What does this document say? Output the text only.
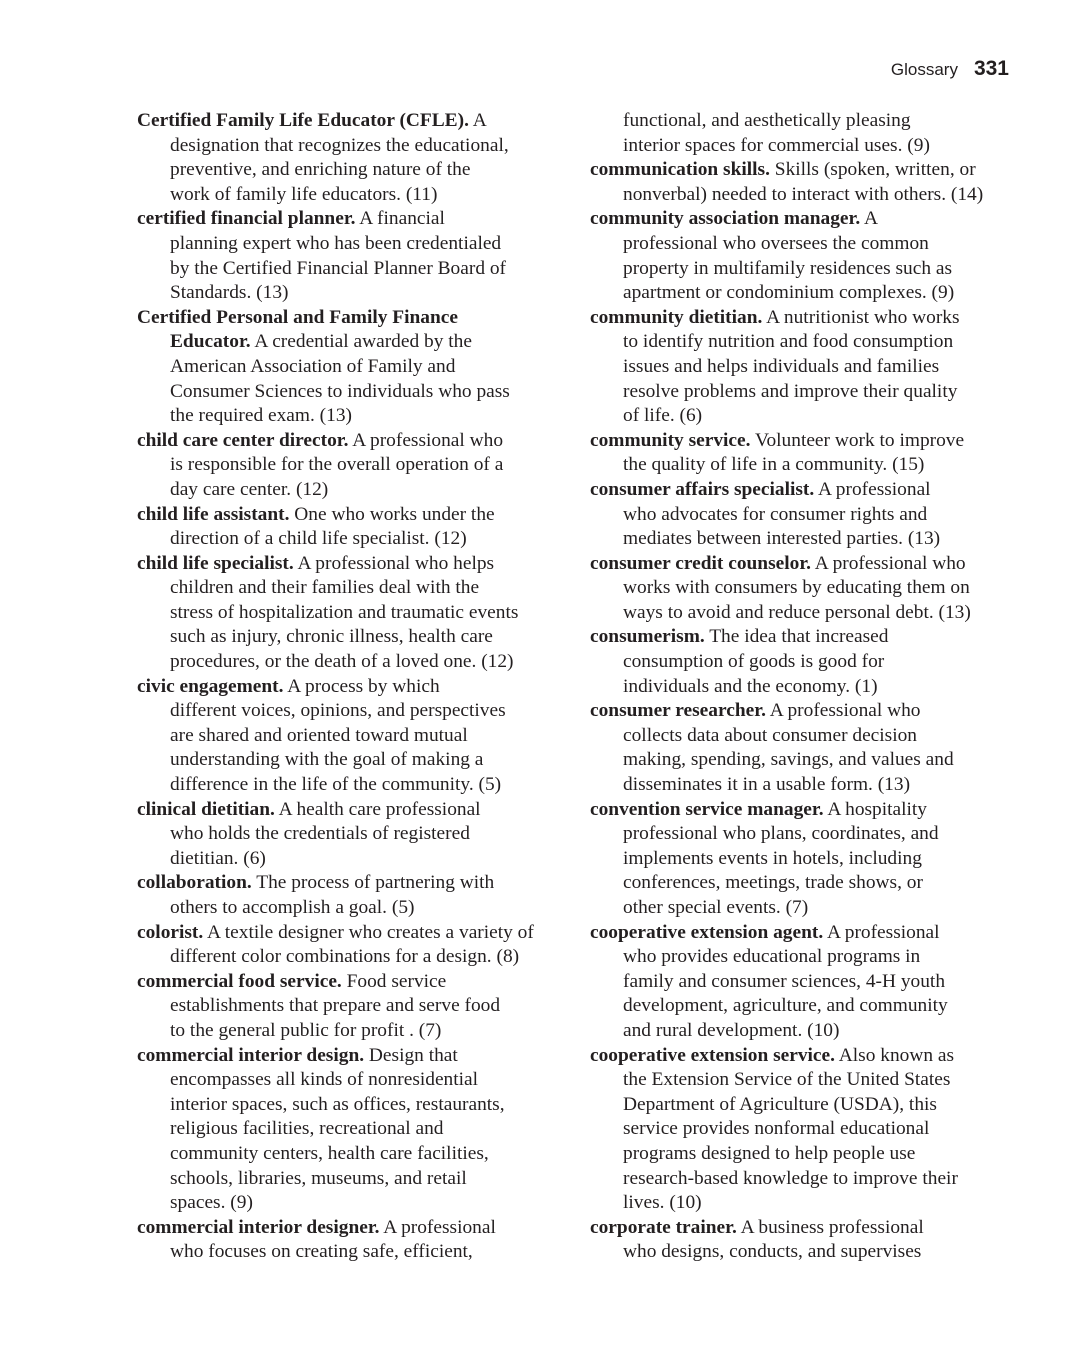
Glossary 331
Certified Family Life Educator (CFLE). A
designation that recognizes the educational,
preventive, and enriching nature of the
work of family life educators. (11)
certified financial planner. A financial
planning expert who has been credentialed
by the Certified Financial Planner Board of
Standards. (13)
Certified Personal and Family Finance
Educator. A credential awarded by the
American Association of Family and
Consumer Sciences to individuals who pass
the required exam. (13)
child care center director. A professional who
is responsible for the overall operation of a
day care center. (12)
child life assistant. One who works under the
direction of a child life specialist. (12)
child life specialist. A professional who helps
children and their families deal with the
stress of hospitalization and traumatic events
such as injury, chronic illness, health care
procedures, or the death of a loved one. (12)
civic engagement. A process by which
different voices, opinions, and perspectives
are shared and oriented toward mutual
understanding with the goal of making a
difference in the life of the community. (5)
clinical dietitian. A health care professional
who holds the credentials of registered
dietitian. (6)
collaboration. The process of partnering with
others to accomplish a goal. (5)
colorist. A textile designer who creates a variety of
different color combinations for a design. (8)
commercial food service. Food service
establishments that prepare and serve food
to the general public for profit . (7)
commercial interior design. Design that
encompasses all kinds of nonresidential
interior spaces, such as offices, restaurants,
religious facilities, recreational and
community centers, health care facilities,
schools, libraries, museums, and retail
spaces. (9)
commercial interior designer. A professional
who focuses on creating safe, efficient,
functional, and aesthetically pleasing
interior spaces for commercial uses. (9)
communication skills. Skills (spoken, written, or
nonverbal) needed to interact with others. (14)
community association manager. A
professional who oversees the common
property in multifamily residences such as
apartment or condominium complexes. (9)
community dietitian. A nutritionist who works
to identify nutrition and food consumption
issues and helps individuals and families
resolve problems and improve their quality
of life. (6)
community service. Volunteer work to improve
the quality of life in a community. (15)
consumer affairs specialist. A professional
who advocates for consumer rights and
mediates between interested parties. (13)
consumer credit counselor. A professional who
works with consumers by educating them on
ways to avoid and reduce personal debt. (13)
consumerism. The idea that increased
consumption of goods is good for
individuals and the economy. (1)
consumer researcher. A professional who
collects data about consumer decision
making, spending, savings, and values and
disseminates it in a usable form. (13)
convention service manager. A hospitality
professional who plans, coordinates, and
implements events in hotels, including
conferences, meetings, trade shows, or
other special events. (7)
cooperative extension agent. A professional
who provides educational programs in
family and consumer sciences, 4-H youth
development, agriculture, and community
and rural development. (10)
cooperative extension service. Also known as
the Extension Service of the United States
Department of Agriculture (USDA), this
service provides nonformal educational
programs designed to help people use
research-based knowledge to improve their
lives. (10)
corporate trainer. A business professional
who designs, conducts, and supervises
